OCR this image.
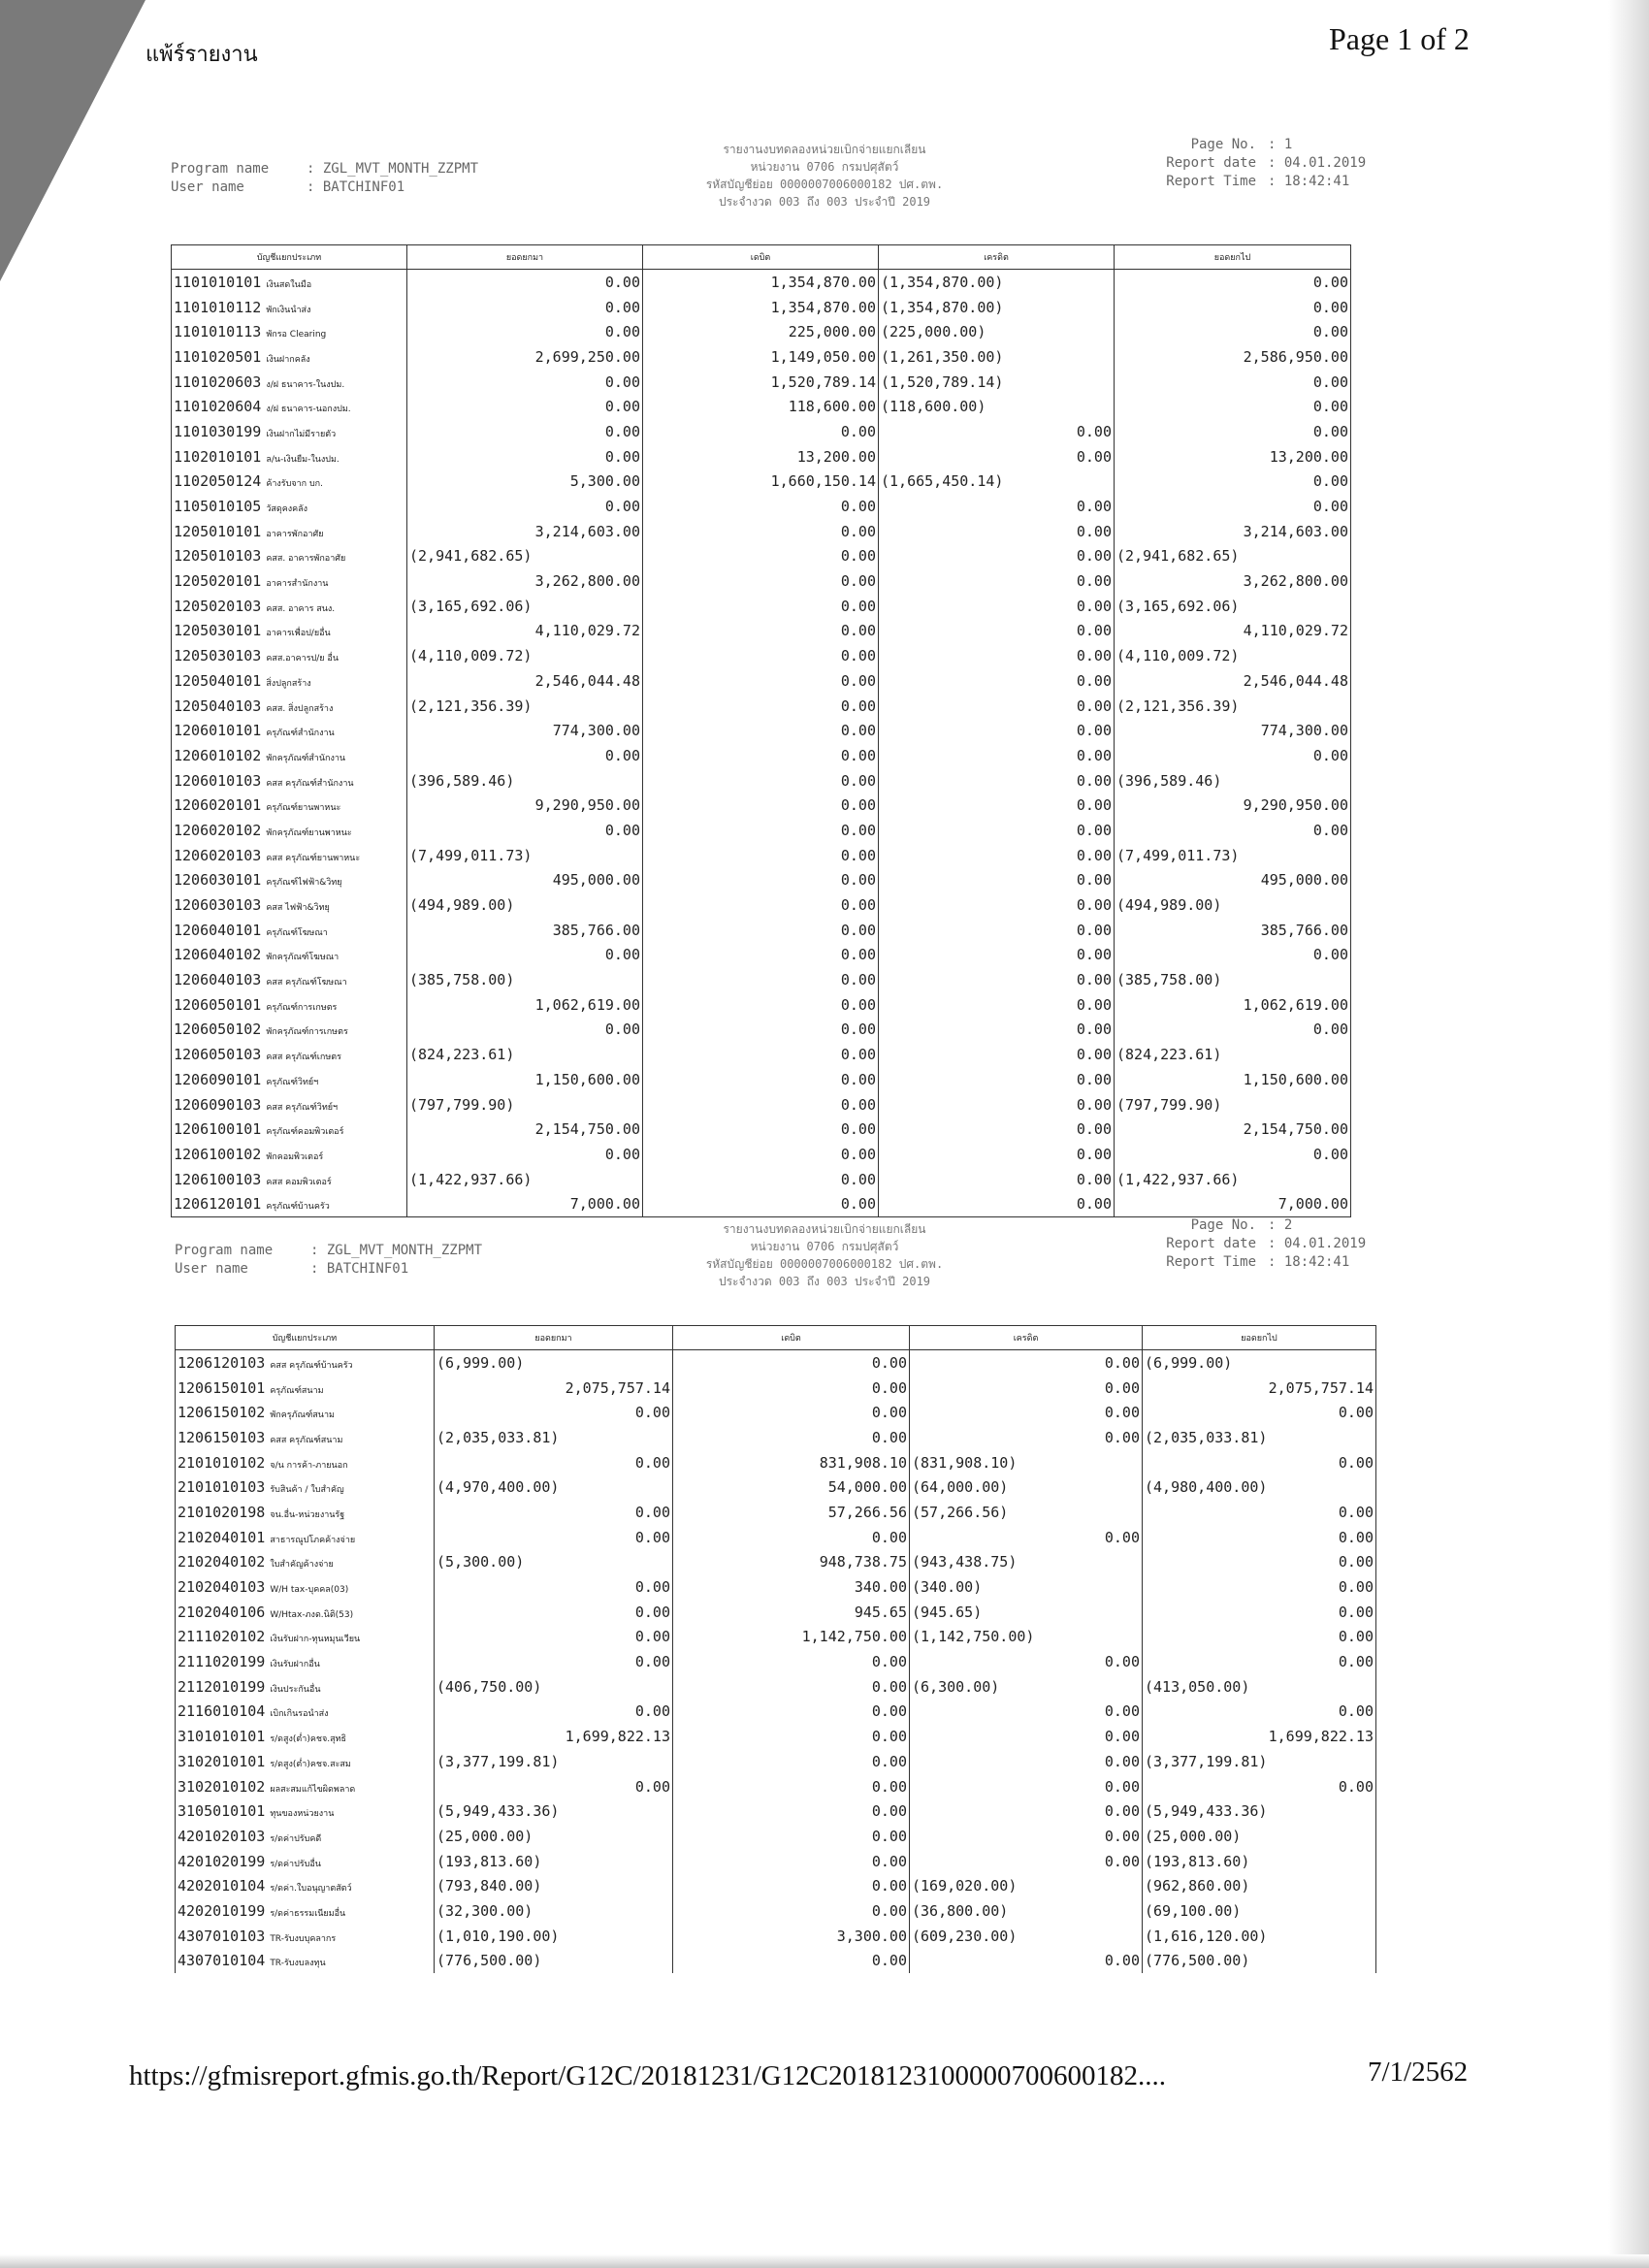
แพ้ร์รายงาน	Page 1 of 2
Program name	: ZGL_MVT_MONTH_ZZPMT
User name	: BATCHINF01
รายงานงบทดลองหน่วยเบิกจ่ายแยกเลียน
หน่วยงาน 0706 กรมปศุสัตว์
รหัสบัญชีย่อย 0000007006000182 ปศ.ตพ.
ประจำงวด 003 ถึง 003 ประจำปี 2019
Page No. : 1
Report date : 04.01.2019
Report Time : 18:42:41
บัญชีแยกประเภท	ยอดยกมา	เดบิต	เครดิต	ยอดยกไป
1101010101 เงินสดในมือ	0.00	1,354,870.00	(1,354,870.00)	0.00
1101010112 พักเงินนำส่ง	0.00	1,354,870.00	(1,354,870.00)	0.00
1101010113 พักรอ Clearing	0.00	225,000.00	(225,000.00)	0.00
1101020501 เงินฝากคลัง	2,699,250.00	1,149,050.00	(1,261,350.00)	2,586,950.00
1101020603 ง/ฝ ธนาคาร-ในงปม.	0.00	1,520,789.14	(1,520,789.14)	0.00
1101020604 ง/ฝ ธนาคาร-นอกงปม.	0.00	118,600.00	(118,600.00)	0.00
1101030199 เงินฝากไม่มีรายตัว	0.00	0.00	0.00	0.00
1102010101 ล/น-เงินยืม-ในงปม.	0.00	13,200.00	0.00	13,200.00
1102050124 ค้างรับจาก บก.	5,300.00	1,660,150.14	(1,665,450.14)	0.00
1105010105 วัสดุคงคลัง	0.00	0.00	0.00	0.00
1205010101 อาคารพักอาศัย	3,214,603.00	0.00	0.00	3,214,603.00
1205010103 คสส. อาคารพักอาศัย	(2,941,682.65)	0.00	0.00	(2,941,682.65)
1205020101 อาคารสำนักงาน	3,262,800.00	0.00	0.00	3,262,800.00
1205020103 คสส. อาคาร สนง.	(3,165,692.06)	0.00	0.00	(3,165,692.06)
1205030101 อาคารเพื่อป/ยอื่น	4,110,029.72	0.00	0.00	4,110,029.72
1205030103 คสส.อาคารป/ย อื่น	(4,110,009.72)	0.00	0.00	(4,110,009.72)
1205040101 สิ่งปลูกสร้าง	2,546,044.48	0.00	0.00	2,546,044.48
1205040103 คสส. สิ่งปลูกสร้าง	(2,121,356.39)	0.00	0.00	(2,121,356.39)
1206010101 ครุภัณฑ์สำนักงาน	774,300.00	0.00	0.00	774,300.00
1206010102 พักครุภัณฑ์สำนักงาน	0.00	0.00	0.00	0.00
1206010103 คสส ครุภัณฑ์สำนักงาน	(396,589.46)	0.00	0.00	(396,589.46)
1206020101 ครุภัณฑ์ยานพาหนะ	9,290,950.00	0.00	0.00	9,290,950.00
1206020102 พักครุภัณฑ์ยานพาหนะ	0.00	0.00	0.00	0.00
1206020103 คสส ครุภัณฑ์ยานพาหนะ	(7,499,011.73)	0.00	0.00	(7,499,011.73)
1206030101 ครุภัณฑ์ไฟฟ้า&วิทยุ	495,000.00	0.00	0.00	495,000.00
1206030103 คสส ไฟฟ้า&วิทยุ	(494,989.00)	0.00	0.00	(494,989.00)
1206040101 ครุภัณฑ์โฆษณา	385,766.00	0.00	0.00	385,766.00
1206040102 พักครุภัณฑ์โฆษณา	0.00	0.00	0.00	0.00
1206040103 คสส ครุภัณฑ์โฆษณา	(385,758.00)	0.00	0.00	(385,758.00)
1206050101 ครุภัณฑ์การเกษตร	1,062,619.00	0.00	0.00	1,062,619.00
1206050102 พักครุภัณฑ์การเกษตร	0.00	0.00	0.00	0.00
1206050103 คสส ครุภัณฑ์เกษตร	(824,223.61)	0.00	0.00	(824,223.61)
1206090101 ครุภัณฑ์วิทย์ฯ	1,150,600.00	0.00	0.00	1,150,600.00
1206090103 คสส ครุภัณฑ์วิทย์ฯ	(797,799.90)	0.00	0.00	(797,799.90)
1206100101 ครุภัณฑ์คอมพิวเตอร์	2,154,750.00	0.00	0.00	2,154,750.00
1206100102 พักคอมพิวเตอร์	0.00	0.00	0.00	0.00
1206100103 คสส คอมพิวเตอร์	(1,422,937.66)	0.00	0.00	(1,422,937.66)
1206120101 ครุภัณฑ์บ้านครัว	7,000.00	0.00	0.00	7,000.00
Program name	: ZGL_MVT_MONTH_ZZPMT
User name	: BATCHINF01
รายงานงบทดลองหน่วยเบิกจ่ายแยกเลียน
หน่วยงาน 0706 กรมปศุสัตว์
รหัสบัญชีย่อย 0000007006000182 ปศ.ตพ.
ประจำงวด 003 ถึง 003 ประจำปี 2019
Page No. : 2
Report date : 04.01.2019
Report Time : 18:42:41
บัญชีแยกประเภท	ยอดยกมา	เดบิต	เครดิต	ยอดยกไป
1206120103 คสส ครุภัณฑ์บ้านครัว	(6,999.00)	0.00	0.00	(6,999.00)
1206150101 ครุภัณฑ์สนาม	2,075,757.14	0.00	0.00	2,075,757.14
1206150102 พักครุภัณฑ์สนาม	0.00	0.00	0.00	0.00
1206150103 คสส ครุภัณฑ์สนาม	(2,035,033.81)	0.00	0.00	(2,035,033.81)
2101010102 จ/น การค้า-ภายนอก	0.00	831,908.10	(831,908.10)	0.00
2101010103 รับสินค้า / ใบสำคัญ	(4,970,400.00)	54,000.00	(64,000.00)	(4,980,400.00)
2101020198 จน.อื่น-หน่วยงานรัฐ	0.00	57,266.56	(57,266.56)	0.00
2102040101 สาธารณูปโภคค้างจ่าย	0.00	0.00	0.00	0.00
2102040102 ใบสำคัญค้างจ่าย	(5,300.00)	948,738.75	(943,438.75)	0.00
2102040103 W/H tax-บุคคล(03)	0.00	340.00	(340.00)	0.00
2102040106 W/Htax-ภงด.นิติ(53)	0.00	945.65	(945.65)	0.00
2111020102 เงินรับฝาก-ทุนหมุนเวียน	0.00	1,142,750.00	(1,142,750.00)	0.00
2111020199 เงินรับฝากอื่น	0.00	0.00	0.00	0.00
2112010199 เงินประกันอื่น	(406,750.00)	0.00	(6,300.00)	(413,050.00)
2116010104 เบิกเกินรอนำส่ง	0.00	0.00	0.00	0.00
3101010101 ร/ดสูง(ต่ำ)คชจ.สุทธิ	1,699,822.13	0.00	0.00	1,699,822.13
3102010101 ร/ดสูง(ต่ำ)คชจ.สะสม	(3,377,199.81)	0.00	0.00	(3,377,199.81)
3102010102 ผลสะสมแก้ไขผิดพลาด	0.00	0.00	0.00	0.00
3105010101 ทุนของหน่วยงาน	(5,949,433.36)	0.00	0.00	(5,949,433.36)
4201020103 ร/ดค่าปรับคดี	(25,000.00)	0.00	0.00	(25,000.00)
4201020199 ร/ดค่าปรับอื่น	(193,813.60)	0.00	0.00	(193,813.60)
4202010104 ร/ดค่า.ใบอนุญาตสัตว์	(793,840.00)	0.00	(169,020.00)	(962,860.00)
4202010199 ร/ดค่าธรรมเนียมอื่น	(32,300.00)	0.00	(36,800.00)	(69,100.00)
4307010103 TR-รับงบบุคลากร	(1,010,190.00)	3,300.00	(609,230.00)	(1,616,120.00)
4307010104 TR-รับงบลงทุน	(776,500.00)	0.00	0.00	(776,500.00)
https://gfmisreport.gfmis.go.th/Report/G12C/20181231/G12C2018123100000700600182....	7/1/2562
